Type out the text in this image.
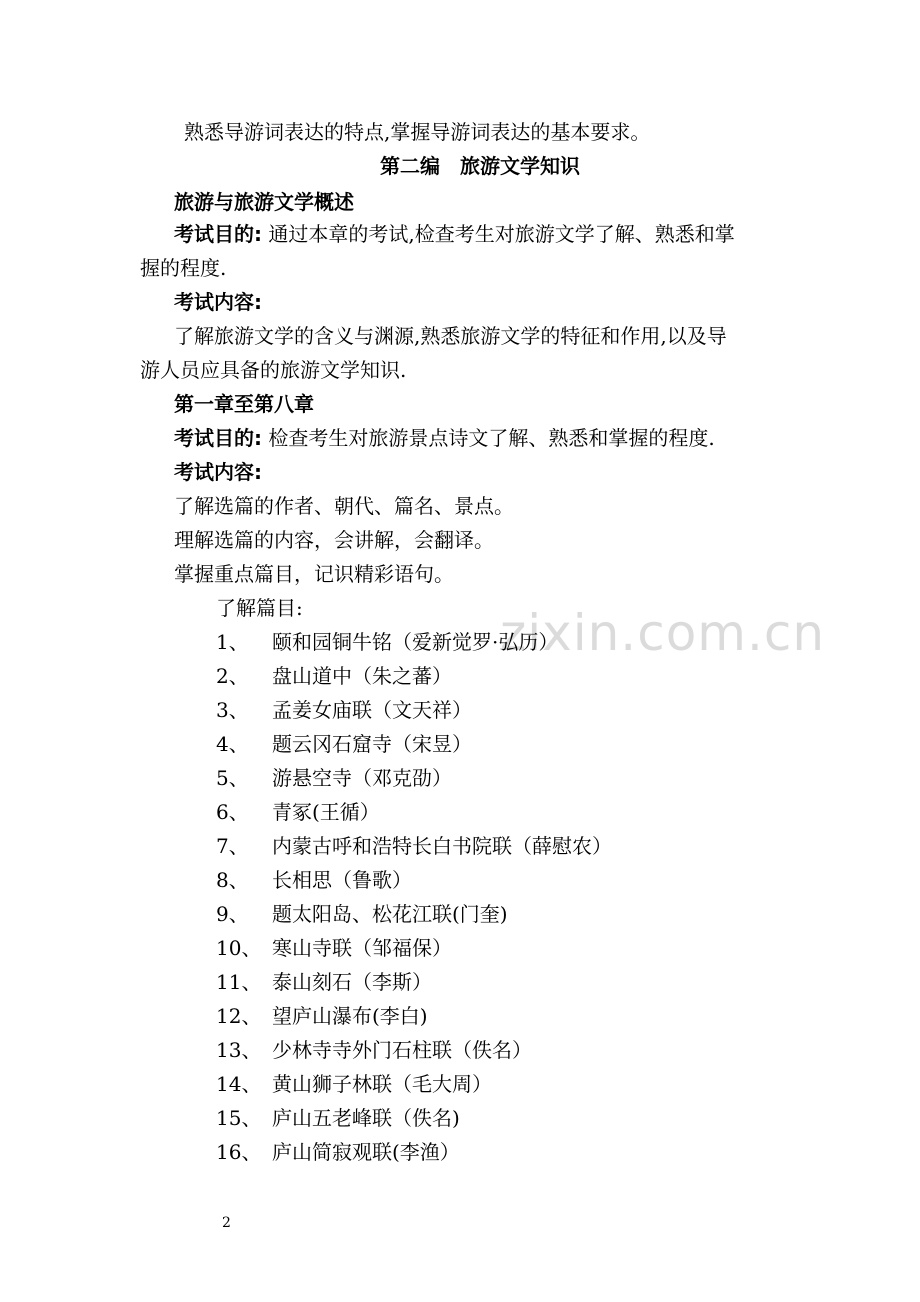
熟悉导游词表达的特点,掌握导游词表达的基本要求。
第二编　旅游文学知识
旅游与旅游文学概述
考试目的: 通过本章的考试,检查考生对旅游文学了解、熟悉和掌
握的程度.
考试内容:
了解旅游文学的含义与渊源,熟悉旅游文学的特征和作用,以及导
游人员应具备的旅游文学知识.
第一章至第八章
考试目的: 检查考生对旅游景点诗文了解、熟悉和掌握的程度.
考试内容:
了解选篇的作者、朝代、篇名、景点。
理解选篇的内容，会讲解，会翻译。
掌握重点篇目，记识精彩语句。
了解篇目:	zixin.com.cn
1、 颐和园铜牛铭（爱新觉罗·弘历）
2、 盘山道中（朱之蕃）
3、 孟姜女庙联（文天祥）
4、 题云冈石窟寺（宋昱）
5、 游悬空寺（邓克劭）
6、 青冢(王循）
7、 内蒙古呼和浩特长白书院联（薛慰农）
8、 长相思（鲁歌）
9、 题太阳岛、松花江联(门奎)
10、 寒山寺联（邹福保）
11、 泰山刻石（李斯）
12、 望庐山瀑布(李白)
13、 少林寺寺外门石柱联（佚名）
14、 黄山狮子林联（毛大周）
15、 庐山五老峰联（佚名)
16、 庐山简寂观联(李渔）
2
